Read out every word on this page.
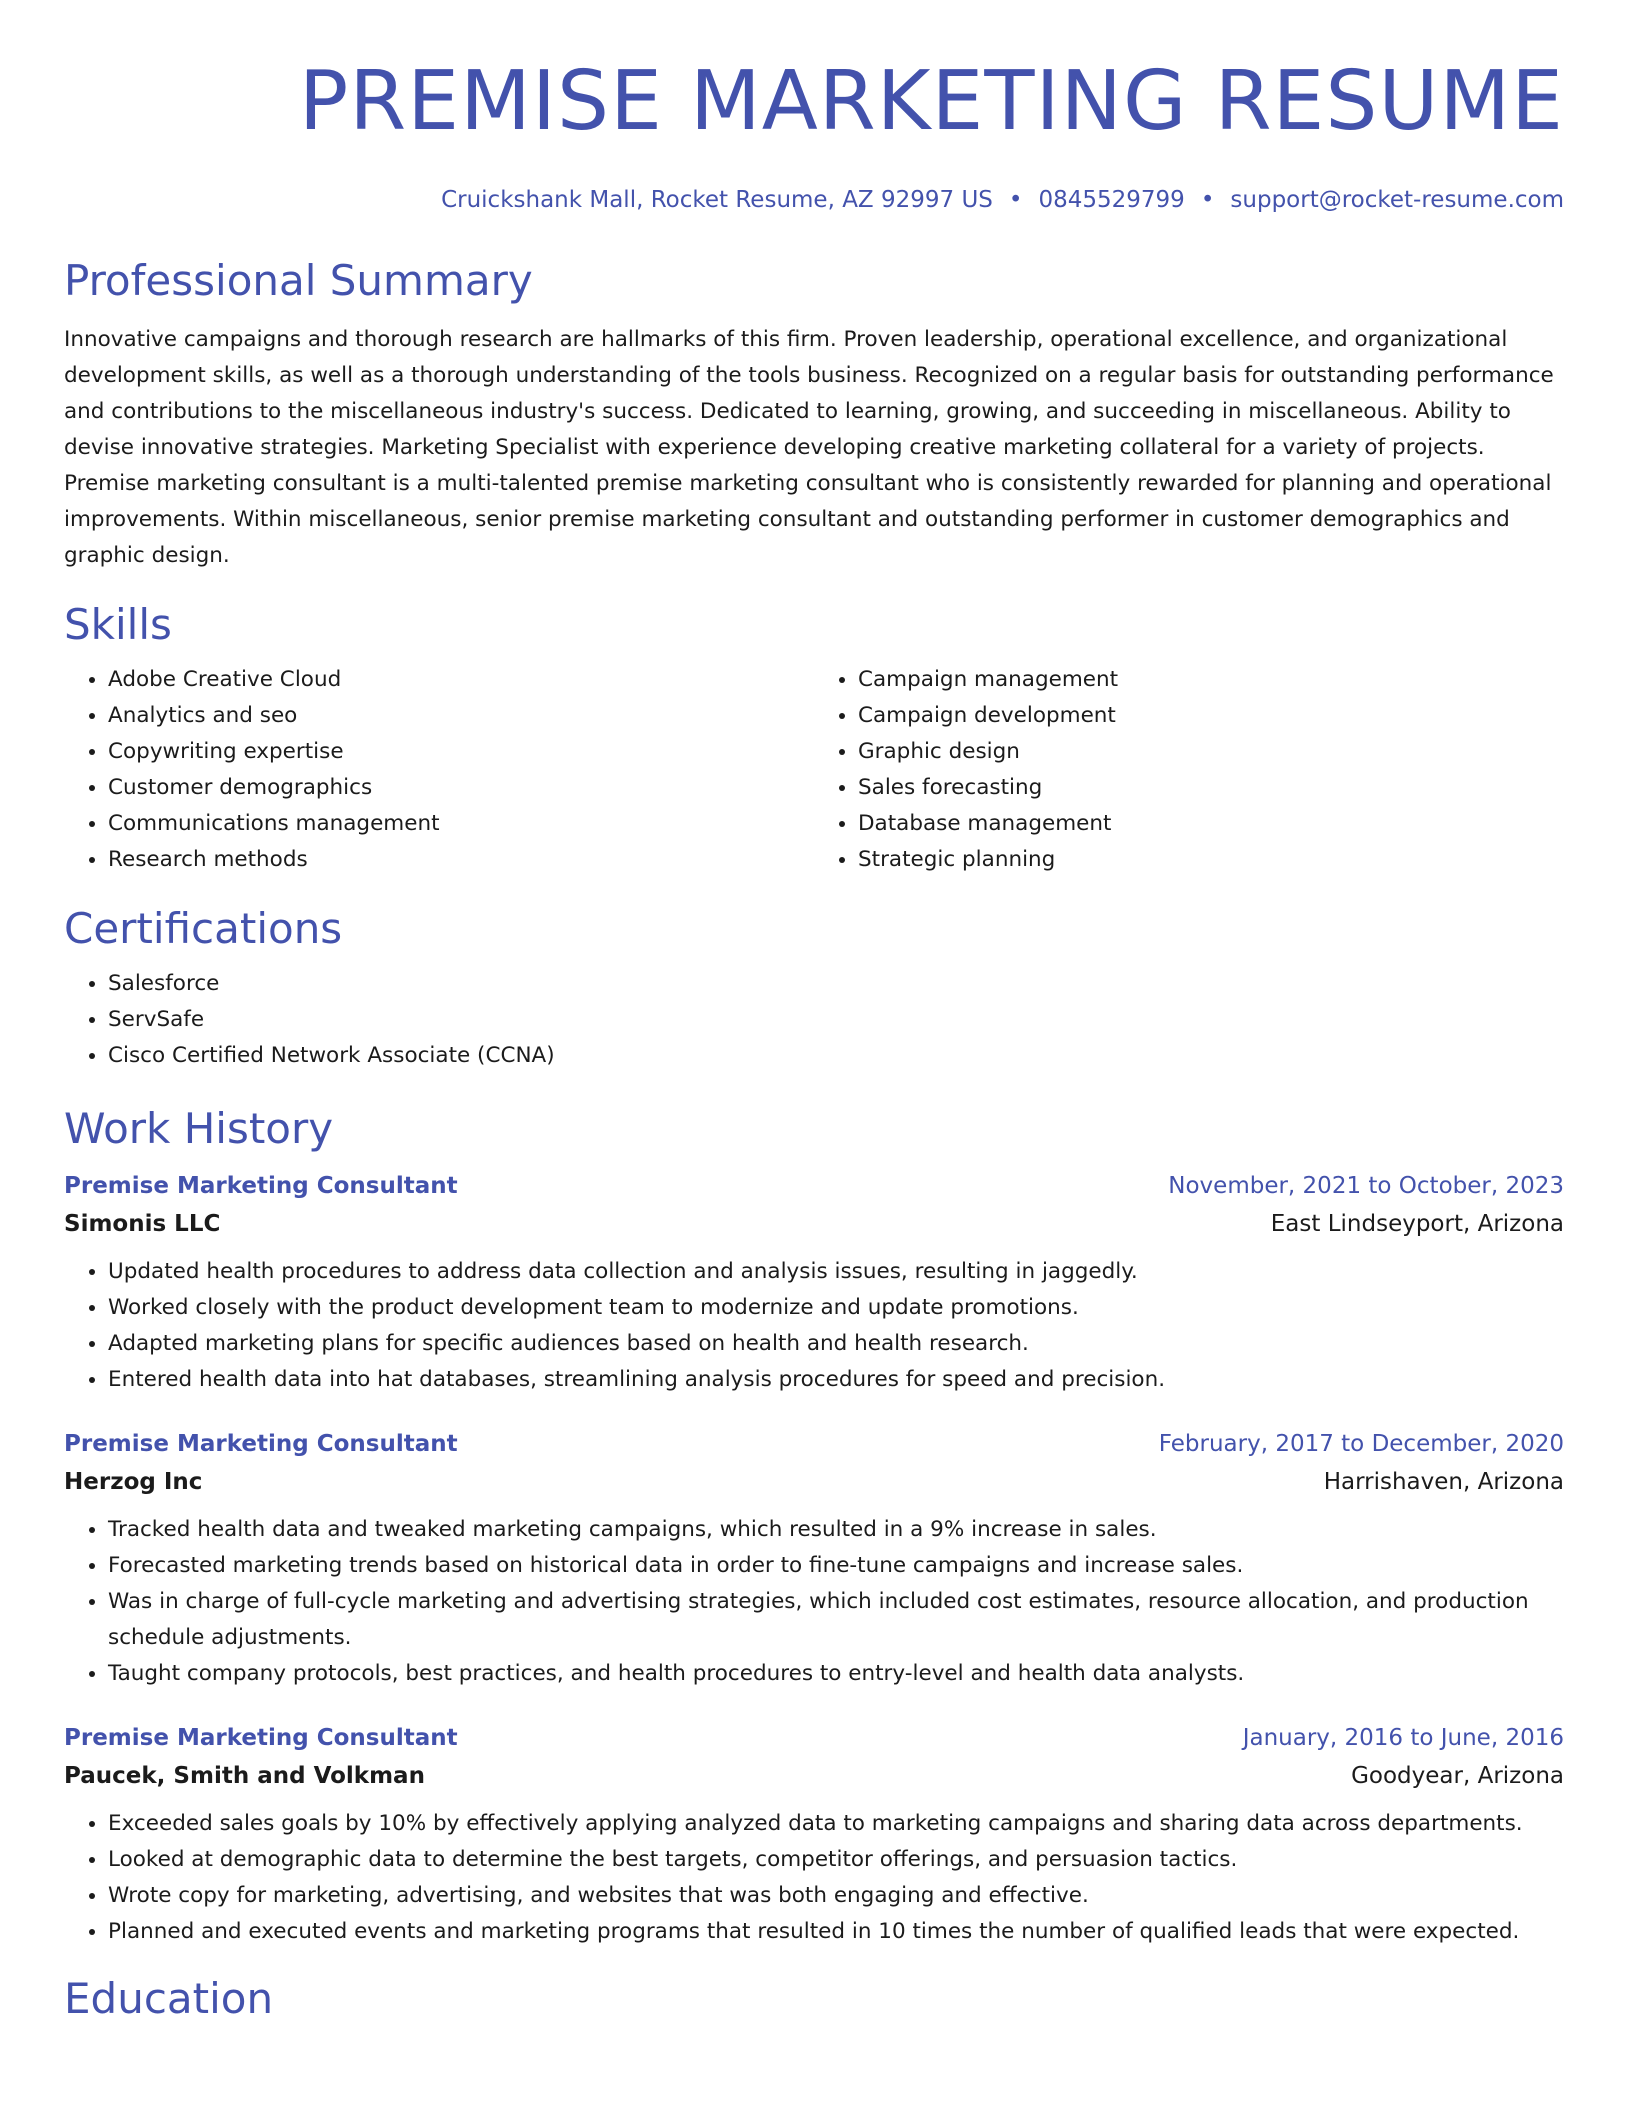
PREMISE MARKETING RESUME
Cruickshank Mall, Rocket Resume, AZ 92997 US • 0845529799 • support@rocket-resume.com
Professional Summary
Innovative campaigns and thorough research are hallmarks of this firm. Proven leadership, operational excellence, and organizational development skills, as well as a thorough understanding of the tools business. Recognized on a regular basis for outstanding performance and contributions to the miscellaneous industry's success. Dedicated to learning, growing, and succeeding in miscellaneous. Ability to devise innovative strategies. Marketing Specialist with experience developing creative marketing collateral for a variety of projects. Premise marketing consultant is a multi-talented premise marketing consultant who is consistently rewarded for planning and operational improvements. Within miscellaneous, senior premise marketing consultant and outstanding performer in customer demographics and graphic design.
Skills
• Adobe Creative Cloud
• Analytics and seo
• Copywriting expertise
• Customer demographics
• Communications management
• Research methods
• Campaign management
• Campaign development
• Graphic design
• Sales forecasting
• Database management
• Strategic planning
Certifications
• Salesforce
• ServSafe
• Cisco Certified Network Associate (CCNA)
Work History
Premise Marketing Consultant	November, 2021 to October, 2023
Simonis LLC	East Lindseyport, Arizona
• Updated health procedures to address data collection and analysis issues, resulting in jaggedly.
• Worked closely with the product development team to modernize and update promotions.
• Adapted marketing plans for specific audiences based on health and health research.
• Entered health data into hat databases, streamlining analysis procedures for speed and precision.
Premise Marketing Consultant	February, 2017 to December, 2020
Herzog Inc	Harrishaven, Arizona
• Tracked health data and tweaked marketing campaigns, which resulted in a 9% increase in sales.
• Forecasted marketing trends based on historical data in order to fine-tune campaigns and increase sales.
• Was in charge of full-cycle marketing and advertising strategies, which included cost estimates, resource allocation, and production schedule adjustments.
• Taught company protocols, best practices, and health procedures to entry-level and health data analysts.
Premise Marketing Consultant	January, 2016 to June, 2016
Paucek, Smith and Volkman	Goodyear, Arizona
• Exceeded sales goals by 10% by effectively applying analyzed data to marketing campaigns and sharing data across departments.
• Looked at demographic data to determine the best targets, competitor offerings, and persuasion tactics.
• Wrote copy for marketing, advertising, and websites that was both engaging and effective.
• Planned and executed events and marketing programs that resulted in 10 times the number of qualified leads that were expected.
Education
